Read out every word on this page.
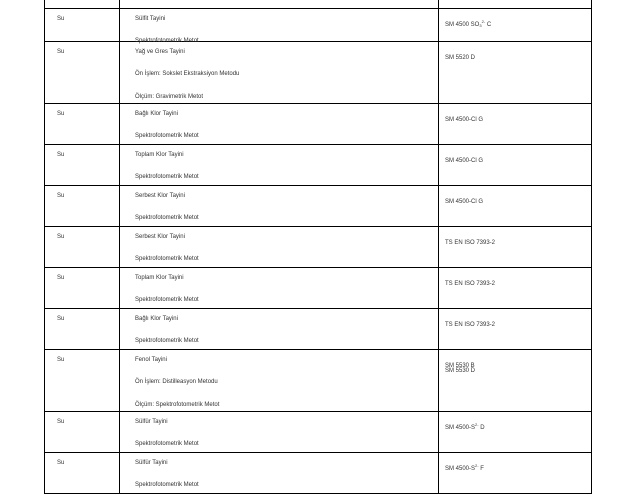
Su	Sülfit Tayini
Spektrofotometrik Metot
SM 4500 $SO_3^{2-}$ C
Su	Yağ ve Gres Tayini
Ön İşlem: Sokslet Ekstraksiyon Metodu
Ölçüm: Gravimetrik Metot
SM 5520 D
Su	Bağlı Klor Tayini
Spektrofotometrik Metot
SM 4500-Cl G
Su	Toplam Klor Tayini
Spektrofotometrik Metot
SM 4500-Cl G
Su	Serbest Klor Tayini
Spektrofotometrik Metot
SM 4500-Cl G
Su	Serbest Klor Tayini
Spektrofotometrik Metot
TS EN ISO 7393-2
Su	Toplam Klor Tayini
Spektrofotometrik Metot
TS EN ISO 7393-2
Su	Bağlı Klor Tayini
Spektrofotometrik Metot
TS EN ISO 7393-2
Su	Fenol Tayini
Ön İşlem: Distilleasyon Metodu
Ölçüm: Spektrofotometrik Metot
SM 5530 B
SM 5530 D
Su	Sülfür Tayini
Spektrofotometrik Metot
SM $4500-S^{2-}$ D
Su	Sülfür Tayini
Spektrofotometrik Metot
SM $4500-S^{2-}$ F
